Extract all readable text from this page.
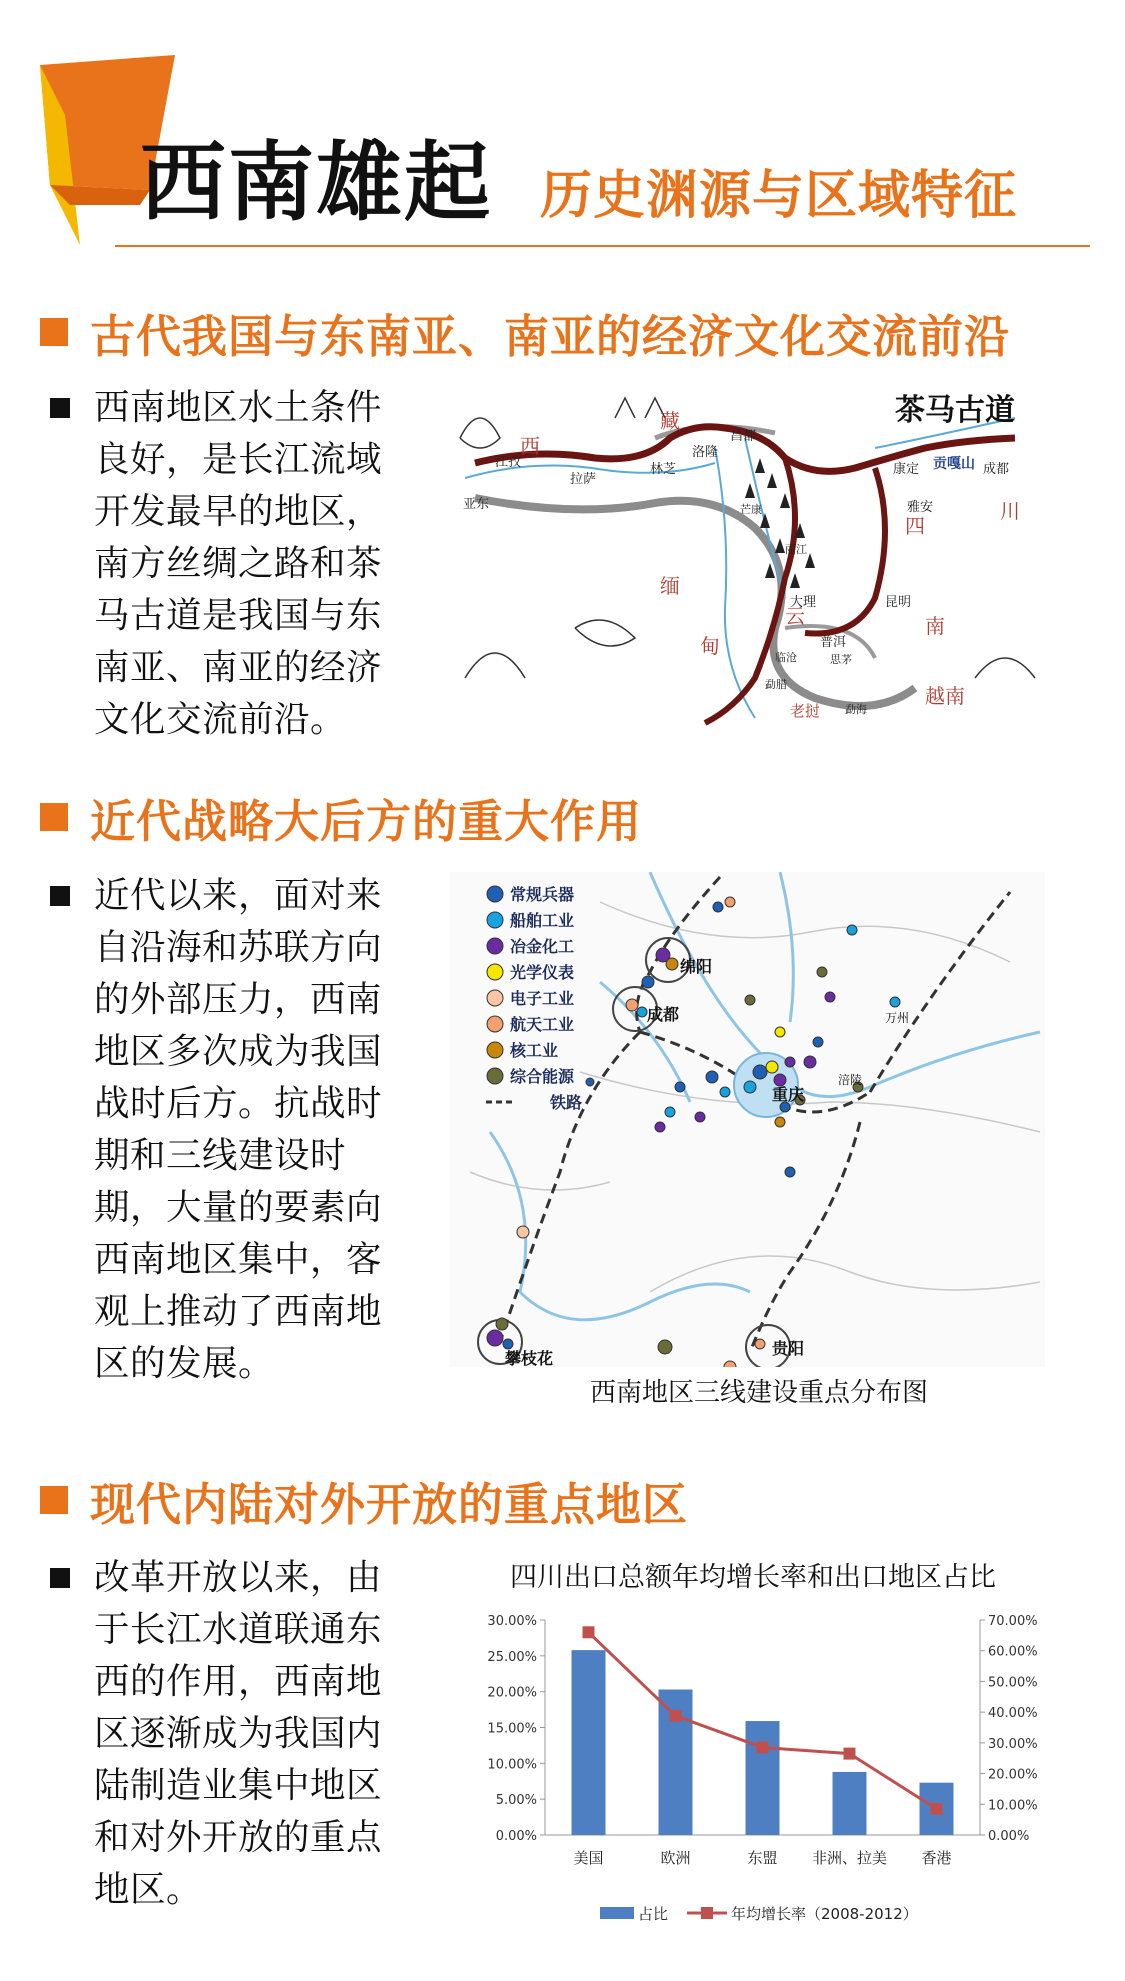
西南雄起 历史渊源与区域特征
古代我国与东南亚、南亚的经济文化交流前沿
西南地区水土条件良好，是长江流域开发最早的地区，南方丝绸之路和茶马古道是我国与东南亚、南亚的经济文化交流前沿。
茶马古道
西
藏
川
四
缅
甸
云	南
越南
老挝
江孜
亚东
拉萨
林芝
洛隆
昌都
芒康
康定
雅安
成都
贡嘎山
丽江
大理	昆明
普洱
思茅
临沧
勐海
勐腊
近代战略大后方的重大作用
近代以来，面对来自沿海和苏联方向的外部压力，西南地区多次成为我国战时后方。抗战时期和三线建设时期，大量的要素向西南地区集中，客观上推动了西南地区的发展。
常规兵器
船舶工业
冶金化工
光学仪表
电子工业
航天工业
核工业
综合能源
铁路
绵阳
成都
重庆
攀枝花
贵阳
涪陵
万州
西南地区三线建设重点分布图
现代内陆对外开放的重点地区
改革开放以来，由于长江水道联通东西的作用，西南地区逐渐成为我国内陆制造业集中地区和对外开放的重点地区。
四川出口总额年均增长率和出口地区占比
0.00%
5.00%
10.00%
15.00%
20.00%
25.00%
30.00%
0.00%
10.00%
20.00%
30.00%
40.00%
50.00%
60.00%
70.00%
美国	欧洲	东盟 非洲、拉美 香港
占比	年均增长率（2008-2012）
